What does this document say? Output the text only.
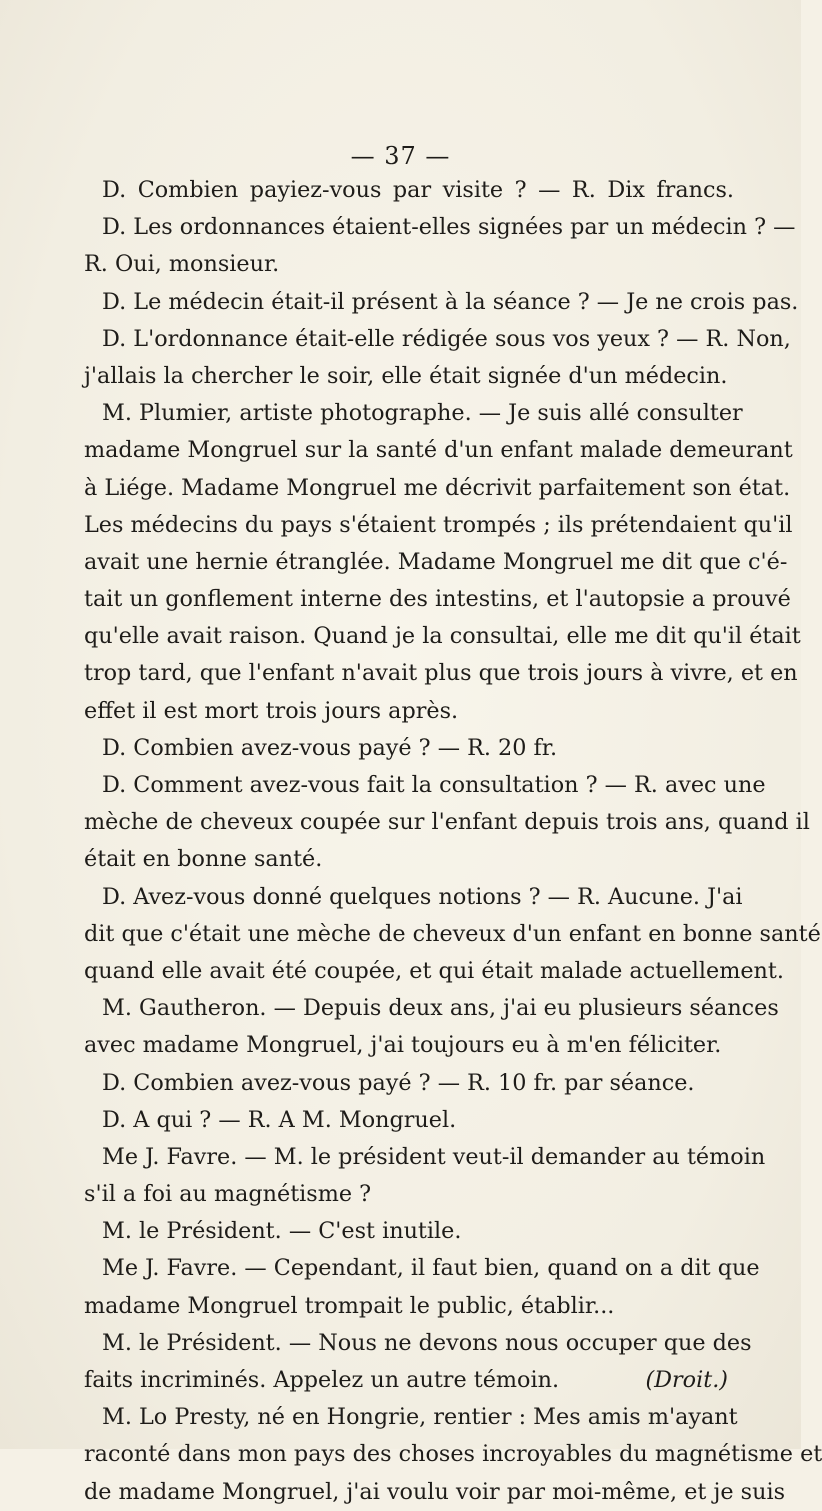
— 37 —
D. Combien payiez-vous par visite ? — R. Dix francs.
D. Les ordonnances étaient-elles signées par un médecin ? —
R. Oui, monsieur.
D. Le médecin était-il présent à la séance ? — Je ne crois pas.
D. L'ordonnance était-elle rédigée sous vos yeux ? — R. Non,
j'allais la chercher le soir, elle était signée d'un médecin.
M. Plumier, artiste photographe. — Je suis allé consulter
madame Mongruel sur la santé d'un enfant malade demeurant
à Liége. Madame Mongruel me décrivit parfaitement son état.
Les médecins du pays s'étaient trompés ; ils prétendaient qu'il
avait une hernie étranglée. Madame Mongruel me dit que c'é-
tait un gonflement interne des intestins, et l'autopsie a prouvé
qu'elle avait raison. Quand je la consultai, elle me dit qu'il était
trop tard, que l'enfant n'avait plus que trois jours à vivre, et en
effet il est mort trois jours après.
D. Combien avez-vous payé ? — R. 20 fr.
D. Comment avez-vous fait la consultation ? — R. avec une
mèche de cheveux coupée sur l'enfant depuis trois ans, quand il
était en bonne santé.
D. Avez-vous donné quelques notions ? — R. Aucune. J'ai
dit que c'était une mèche de cheveux d'un enfant en bonne santé
quand elle avait été coupée, et qui était malade actuellement.
M. Gautheron. — Depuis deux ans, j'ai eu plusieurs séances
avec madame Mongruel, j'ai toujours eu à m'en féliciter.
D. Combien avez-vous payé ? — R. 10 fr. par séance.
D. A qui ? — R. A M. Mongruel.
Me J. Favre. — M. le président veut-il demander au témoin
s'il a foi au magnétisme ?
M. le Président. — C'est inutile.
Me J. Favre. — Cependant, il faut bien, quand on a dit que
madame Mongruel trompait le public, établir...
M. le Président. — Nous ne devons nous occuper que des
faits incriminés. Appelez un autre témoin.	(Droit.)
M. Lo Presty, né en Hongrie, rentier : Mes amis m'ayant
raconté dans mon pays des choses incroyables du magnétisme et
de madame Mongruel, j'ai voulu voir par moi-même, et je suis
